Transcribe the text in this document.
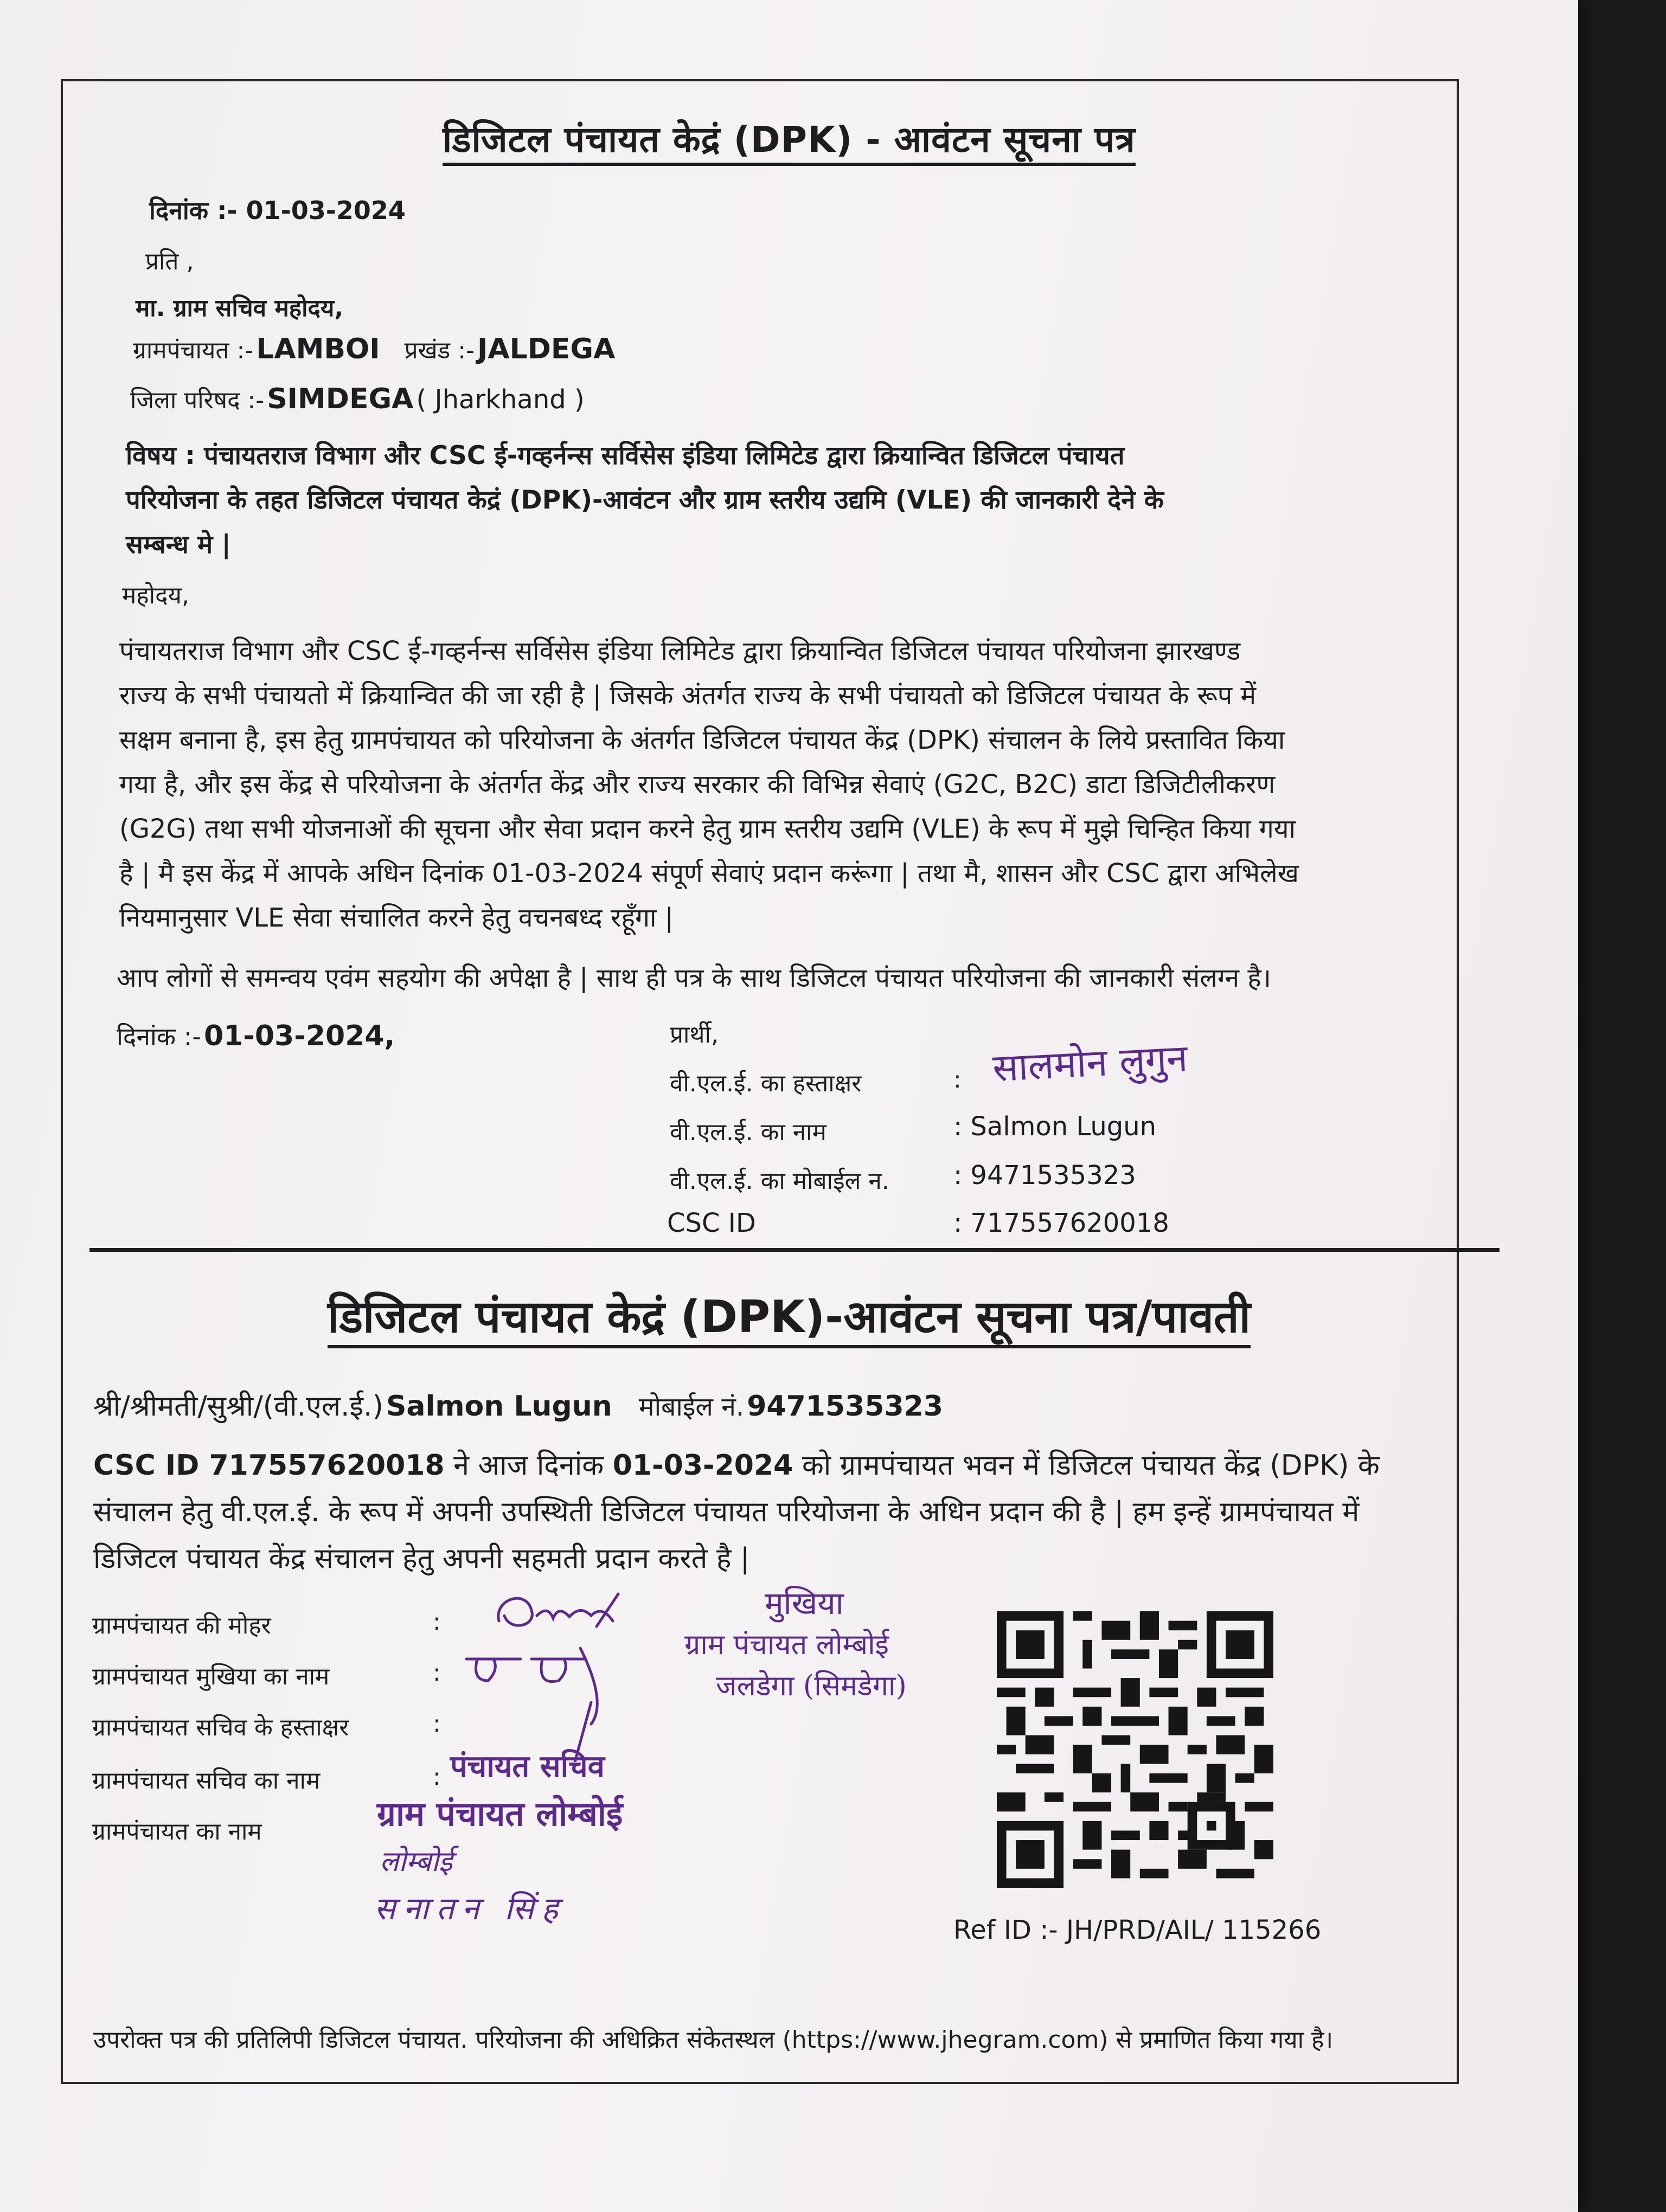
डिजिटल पंचायत केद्रं (DPK) - आवंटन सूचना पत्र
दिनांक :- 01-03-2024
प्रति ,
मा. ग्राम सचिव महोदय,
ग्रामपंचायत :- LAMBOI प्रखंड :- JALDEGA
जिला परिषद :- SIMDEGA ( Jharkhand )
विषय : पंचायतराज विभाग और CSC ई-गव्हर्नन्स सर्विसेस इंडिया लिमिटेड द्वारा क्रियान्वित डिजिटल पंचायत
परियोजना के तहत डिजिटल पंचायत केद्रं (DPK)-आवंटन और ग्राम स्तरीय उद्यमि (VLE) की जानकारी देने के
सम्बन्ध मे |
महोदय,
पंचायतराज विभाग और CSC ई-गव्हर्नन्स सर्विसेस इंडिया लिमिटेड द्वारा क्रियान्वित डिजिटल पंचायत परियोजना झारखण्ड
राज्य के सभी पंचायतो में क्रियान्वित की जा रही है | जिसके अंतर्गत राज्य के सभी पंचायतो को डिजिटल पंचायत के रूप में
सक्षम बनाना है, इस हेतु ग्रामपंचायत को परियोजना के अंतर्गत डिजिटल पंचायत केंद्र (DPK) संचालन के लिये प्रस्तावित किया
गया है, और इस केंद्र से परियोजना के अंतर्गत केंद्र और राज्य सरकार की विभिन्न सेवाएं (G2C, B2C) डाटा डिजिटीलीकरण
(G2G) तथा सभी योजनाओं की सूचना और सेवा प्रदान करने हेतु ग्राम स्तरीय उद्यमि (VLE) के रूप में मुझे चिन्हित किया गया
है | मै इस केंद्र में आपके अधिन दिनांक 01-03-2024 संपूर्ण सेवाएं प्रदान करूंगा | तथा मै, शासन और CSC द्वारा अभिलेख
नियमानुसार VLE सेवा संचालित करने हेतु वचनबध्द रहूँगा |
आप लोगों से समन्वय एवंम सहयोग की अपेक्षा है | साथ ही पत्र के साथ डिजिटल पंचायत परियोजना की जानकारी संलग्न है।
दिनांक :- 01-03-2024,	प्रार्थी,
वी.एल.ई. का हस्ताक्षर	: सालमोन लुगुन
वी.एल.ई. का नाम	: Salmon Lugun
वी.एल.ई. का मोबाईल न. : 9471535323
CSC ID	: 717557620018
डिजिटल पंचायत केद्रं (DPK)-आवंटन सूचना पत्र/पावती
श्री/श्रीमती/सुश्री/(वी.एल.ई.) Salmon Lugun मोबाईल नं. 9471535323
CSC ID 717557620018 ने आज दिनांक 01-03-2024 को ग्रामपंचायत भवन में डिजिटल पंचायत केंद्र (DPK) के
संचालन हेतु वी.एल.ई. के रूप में अपनी उपस्थिती डिजिटल पंचायत परियोजना के अधिन प्रदान की है | हम इन्हें ग्रामपंचायत में
डिजिटल पंचायत केंद्र संचालन हेतु अपनी सहमती प्रदान करते है |
ग्रामपंचायत की मोहर	:
ग्रामपंचायत मुखिया का नाम	:
ग्रामपंचायत सचिव के हस्ताक्षर	:
ग्रामपंचायत सचिव का नाम	:
ग्रामपंचायत का नाम
मुखिया
ग्राम पंचायत लोम्बोई
जलडेगा (सिमडेगा)
पंचायत सचिव
ग्राम पंचायत लोम्बोई
लोम्बोई
सनातन सिंह
Ref ID :- JH/PRD/AIL/ 115266
उपरोक्त पत्र की प्रतिलिपी डिजिटल पंचायत. परियोजना की अधिक्रित संकेतस्थल (https://www.jhegram.com) से प्रमाणित किया गया है।
